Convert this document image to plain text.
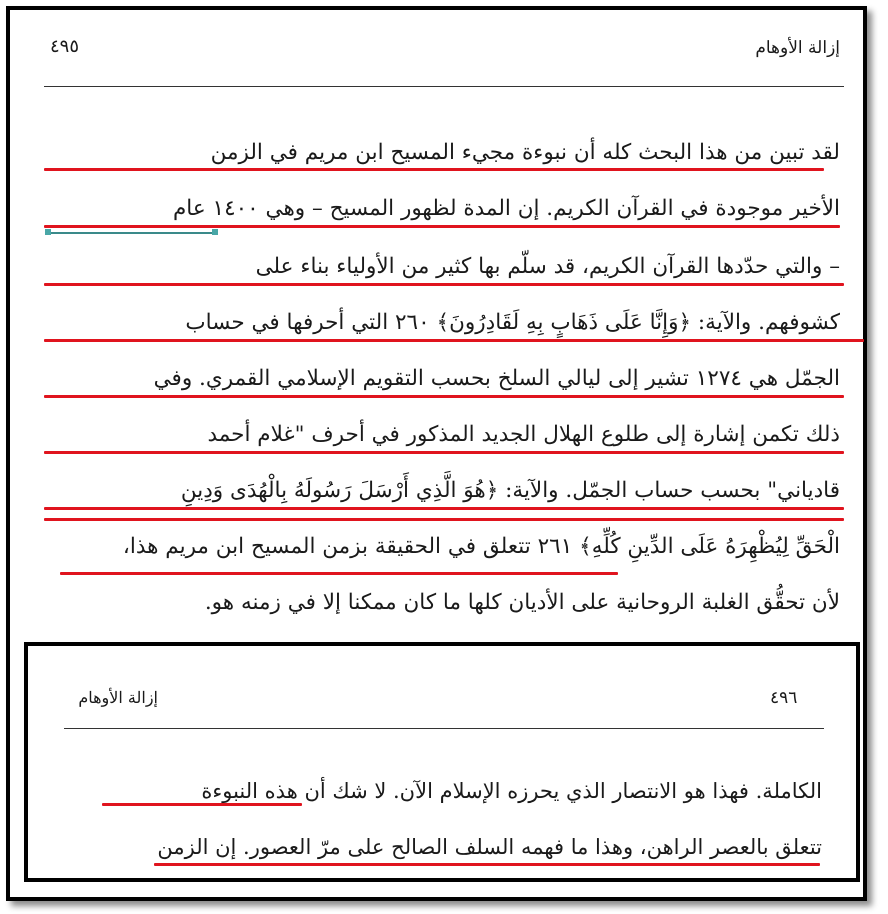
إزالة الأوهام
٤٩٥
لقد تبين من هذا البحث كله أن نبوءة مجيء المسيح ابن مريم في الزمن
الأخير موجودة في القرآن الكريم. إن المدة لظهور المسيح – وهي ١٤٠٠ عام
– والتي حدّدها القرآن الكريم، قد سلّم بها كثير من الأولياء بناء على
كشوفهم. والآية: ﴿وَإِنَّا عَلَى ذَهَابٍ بِهِ لَقَادِرُونَ﴾ ٢٦٠ التي أحرفها في حساب
الجمّل هي ١٢٧٤ تشير إلى ليالي السلخ بحسب التقويم الإسلامي القمري. وفي
ذلك تكمن إشارة إلى طلوع الهلال الجديد المذكور في أحرف "غلام أحمد
قادياني" بحسب حساب الجمّل. والآية: ﴿هُوَ الَّذِي أَرْسَلَ رَسُولَهُ بِالْهُدَى وَدِينِ
الْحَقِّ لِيُظْهِرَهُ عَلَى الدِّينِ كُلِّهِ﴾ ٢٦١ تتعلق في الحقيقة بزمن المسيح ابن مريم هذا،
لأن تحقُّق الغلبة الروحانية على الأديان كلها ما كان ممكنا إلا في زمنه هو.
إزالة الأوهام	٤٩٦
الكاملة. فهذا هو الانتصار الذي يحرزه الإسلام الآن. لا شك أن هذه النبوءة
تتعلق بالعصر الراهن، وهذا ما فهمه السلف الصالح على مرّ العصور. إن الزمن
